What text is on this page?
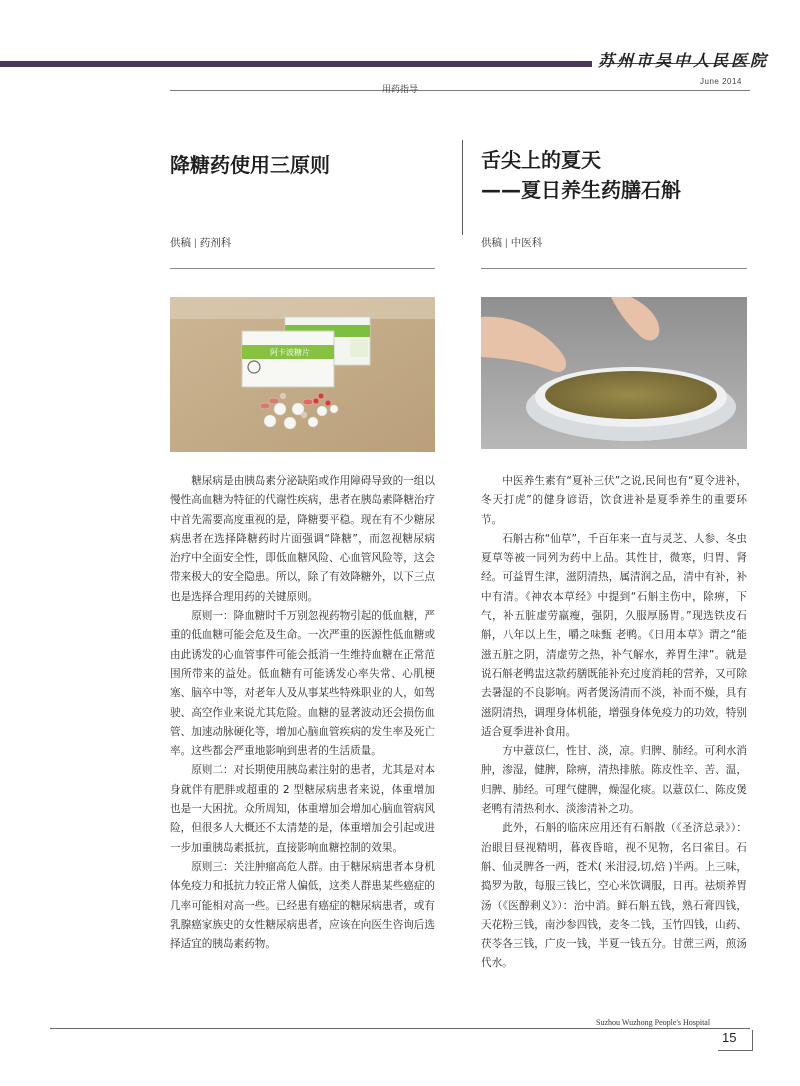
苏州市吴中人民医院
June 2014
用药指导
降糖药使用三原则
供稿 | 药剂科
阿卡波糖片

糖尿病是由胰岛素分泌缺陷或作用障碍导致的一组以慢性高血糖为特征的代谢性疾病，患者在胰岛素降糖治疗中首先需要高度重视的是，降糖要平稳。现在有不少糖尿病患者在选择降糖药时片面强调“降糖”，而忽视糖尿病治疗中全面安全性，即低血糖风险、心血管风险等，这会带来极大的安全隐患。所以，除了有效降糖外，以下三点也是选择合理用药的关键原则。

原则一：降血糖时千万别忽视药物引起的低血糖，严重的低血糖可能会危及生命。一次严重的医源性低血糖或由此诱发的心血管事件可能会抵消一生维持血糖在正常范围所带来的益处。低血糖有可能诱发心率失常、心肌梗塞、脑卒中等，对老年人及从事某些特殊职业的人，如驾驶、高空作业来说尤其危险。血糖的显著波动还会损伤血管、加速动脉硬化等，增加心脑血管疾病的发生率及死亡率。这些都会严重地影响到患者的生活质量。

原则二：对长期使用胰岛素注射的患者，尤其是对本身就伴有肥胖或超重的 2 型糖尿病患者来说，体重增加也是一大困扰。众所周知，体重增加会增加心脑血管病风险，但很多人大概还不太清楚的是，体重增加会引起或进一步加重胰岛素抵抗，直接影响血糖控制的效果。

原则三：关注肿瘤高危人群。由于糖尿病患者本身机体免疫力和抵抗力较正常人偏低，这类人群患某些癌症的几率可能相对高一些。已经患有癌症的糖尿病患者，或有乳腺癌家族史的女性糖尿病患者，应该在向医生咨询后选择适宜的胰岛素药物。

舌尖上的夏天
——夏日养生药膳石斛
供稿 | 中医科

中医养生素有“夏补三伏”之说,民间也有“夏令进补，冬天打虎”的健身谚语，饮食进补是夏季养生的重要环节。

石斛古称“仙草”，千百年来一直与灵芝、人参、冬虫夏草等被一同列为药中上品。其性甘，微寒，归胃、肾经。可益胃生津，滋阴清热，属清润之品，清中有补，补中有清。《神农本草经》中提到“石斛主伤中，除痹，下气，补五脏虚劳羸瘦，强阴，久服厚肠胃。”现选铁皮石斛，八年以上生，嚼之味甄 老鸭。《日用本草》谓之“能滋五脏之阴，清虚劳之热，补气解水，养胃生津”。就是说石斛老鸭盅这款药膳既能补充过度消耗的营养，又可除去暑湿的不良影响。两者煲汤清而不淡，补而不燥，具有滋阴清热，调理身体机能，增强身体免疫力的功效，特别适合夏季进补食用。

方中薏苡仁，性甘、淡，凉。归脾、肺经。可利水消肿，渗湿，健脾，除痹，清热排脓。陈皮性辛、苦、温，归脾、肺经。可理气健脾，燥湿化痰。以薏苡仁、陈皮煲老鸭有清热利水、淡渗清补之功。

此外，石斛的临床应用还有石斛散（《圣济总录》）：治眼目昼视精明，暮夜昏暗，视不见物，名曰雀目。石斛、仙灵脾各一两，苍术( 米泔浸,切,焙 )半两。上三味，捣罗为散，每服三钱匕，空心米饮调服，日再。祛烦养胃汤（《医醇剩义》）：治中消。鲜石斛五钱，熟石膏四钱，天花粉三钱，南沙参四钱，麦冬二钱，玉竹四钱，山药、茯苓各三钱，广皮一钱，半夏一钱五分。甘蔗三两，煎汤代水。

Suzhou Wuzhong People's Hospital
15
